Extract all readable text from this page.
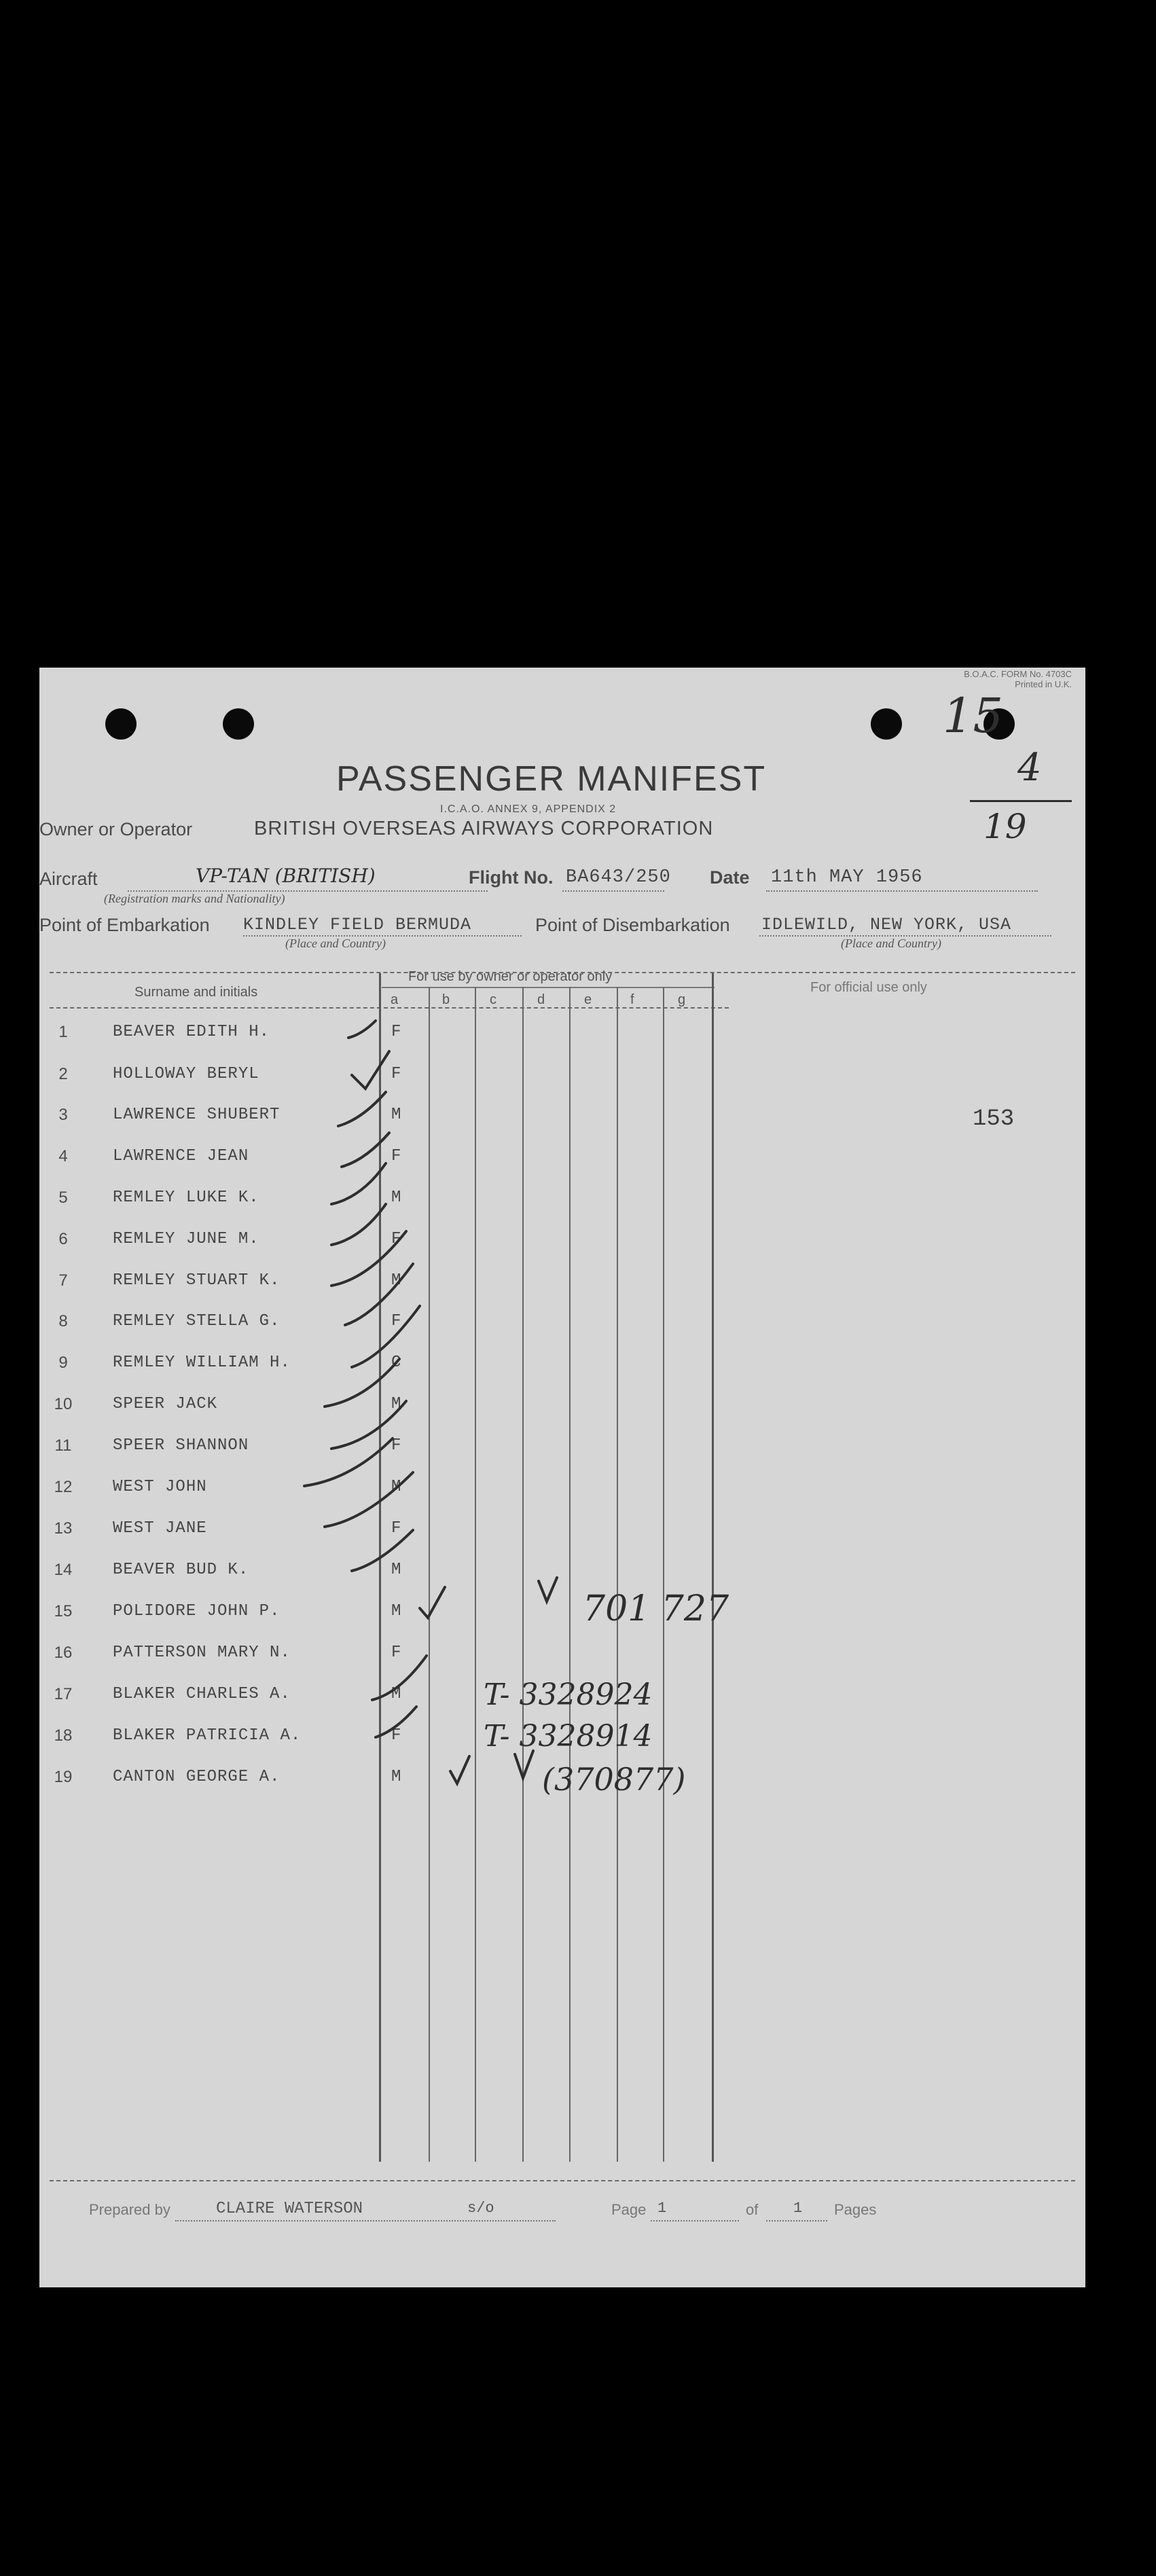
B.O.A.C. FORM No. 4703C
Printed in U.K.
15
4
19
PASSENGER MANIFEST
I.C.A.O. ANNEX 9, APPENDIX 2
Owner or Operator	BRITISH OVERSEAS AIRWAYS CORPORATION
Aircraft	VP-TAN (BRITISH)
(Registration marks and Nationality)
Flight No. BA643/250 Date 11th MAY 1956
Point of Embarkation KINDLEY FIELD BERMUDA
(Place and Country)
Point of Disembarkation IDLEWILD, NEW YORK, USA
(Place and Country)
Surname and initials
For use by owner or operator only
For official use only
a	b	c	d	e	f	g
153
1	BEAVER EDITH H.	F
2	HOLLOWAY BERYL	F
3	LAWRENCE SHUBERT	M
4	LAWRENCE JEAN	F
5	REMLEY LUKE K.	M
6	REMLEY JUNE M.	F
7	REMLEY STUART K.	M
8	REMLEY STELLA G.	F
9	REMLEY WILLIAM H.	C
10	SPEER JACK	M
11	SPEER SHANNON	F
12	WEST JOHN	M
13	WEST JANE	F
14	BEAVER BUD K.	M
15	POLIDORE JOHN P.	M
16	PATTERSON MARY N.	F
17	BLAKER CHARLES A.	M
18	BLAKER PATRICIA A.	F
19	CANTON GEORGE A.	M
701 727
T- 3328924
T- 3328914
(370877)
Prepared by	CLAIRE WATERSON	s/o	Page 1	of 1 Pages
